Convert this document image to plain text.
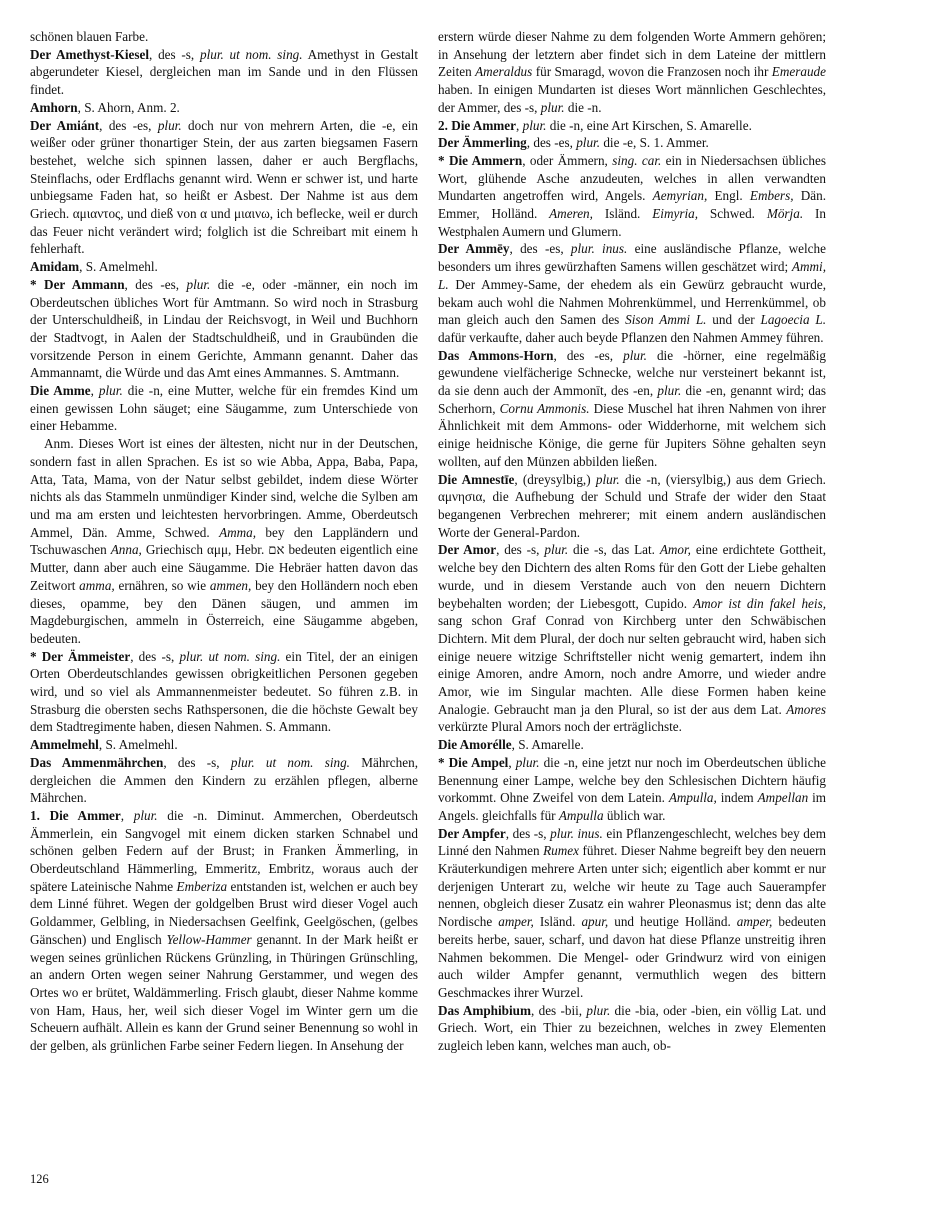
schönen blauen Farbe.

Der Amethyst-Kiesel, des -s, plur. ut nom. sing. Amethyst in Gestalt abgerundeter Kiesel, dergleichen man im Sande und in den Flüssen findet.

Amhorn, S. Ahorn, Anm. 2.

Der Amiánt, des -es, plur. doch nur von mehrern Arten, die -e, ein weißer oder grüner thonartiger Stein, der aus zarten biegsamen Fasern bestehet, welche sich spinnen lassen, daher er auch Bergflachs, Steinflachs, oder Erdflachs genannt wird. Wenn er schwer ist, und harte unbiegsame Faden hat, so heißt er Asbest. Der Nahme ist aus dem Griech. αμιαντος, und dieß von α und μιαινω, ich beflecke, weil er durch das Feuer nicht verändert wird; folglich ist die Schreibart mit einem h fehlerhaft.

Amidam, S. Amelmehl.

* Der Ammann, des -es, plur. die -e, oder -männer, ein noch im Oberdeutschen übliches Wort für Amtmann. So wird noch in Strasburg der Unterschuldheiß, in Lindau der Reichsvogt, in Weil und Buchhorn der Stadtvogt, in Aalen der Stadtschuldheiß, und in Graubünden die vorsitzende Person in einem Gerichte, Ammann genannt. Daher das Ammannamt, die Würde und das Amt eines Ammannes. S. Amtmann.

Die Amme, plur. die -n, eine Mutter, welche für ein fremdes Kind um einen gewissen Lohn säuget; eine Säugamme, zum Unterschiede von einer Hebamme.

Anm. Dieses Wort ist eines der ältesten, nicht nur in der Deutschen, sondern fast in allen Sprachen. Es ist so wie Abba, Appa, Baba, Papa, Atta, Tata, Mama, von der Natur selbst gebildet, indem diese Wörter nichts als das Stammeln unmündiger Kinder sind, welche die Sylben am und ma am ersten und leichtesten hervorbringen. Amme, Oberdeutsch Ammel, Dän. Amme, Schwed. Amma, bey den Lappländern und Tschuwaschen Anna, Griechisch αμμ, Hebr. אם bedeuten eigentlich eine Mutter, dann aber auch eine Säugamme. Die Hebräer hatten davon das Zeitwort amma, ernähren, so wie ammen, bey den Holländern noch eben dieses, opamme, bey den Dänen säugen, und ammen im Magdeburgischen, ammeln in Österreich, eine Säugamme abgeben, bedeuten.

* Der Ämmeister, des -s, plur. ut nom. sing. ein Titel, der an einigen Orten Oberdeutschlandes gewissen obrigkeitlichen Personen gegeben wird, und so viel als Ammannenmeister bedeutet. So führen z.B. in Strasburg die obersten sechs Rathspersonen, die die höchste Gewalt bey dem Stadtregimente haben, diesen Nahmen. S. Ammann.

Ammelmehl, S. Amelmehl.

Das Ammenmährchen, des -s, plur. ut nom. sing. Mährchen, dergleichen die Ammen den Kindern zu erzählen pflegen, alberne Mährchen.

1. Die Ammer, plur. die -n. Diminut. Ammerchen, Oberdeutsch Ämmerlein, ein Sangvogel mit einem dicken starken Schnabel und schönen gelben Federn auf der Brust; in Franken Ämmerling, in Oberdeutschland Hämmerling, Emmeritz, Embritz, woraus auch der spätere Lateinische Nahme Emberiza entstanden ist, welchen er auch bey dem Linné führet. Wegen der goldgelben Brust wird dieser Vogel auch Goldammer, Gelbling, in Niedersachsen Geelfink, Geelgöschen, (gelbes Gänschen) und Englisch Yellow-Hammer genannt. In der Mark heißt er wegen seines grünlichen Rückens Grünzling, in Thüringen Grünschling, an andern Orten wegen seiner Nahrung Gerstammer, und wegen des Ortes wo er brütet, Waldämmerling. Frisch glaubt, dieser Nahme komme von Ham, Haus, her, weil sich dieser Vogel im Winter gern um die Scheuern aufhält. Allein es kann der Grund seiner Benennung so wohl in der gelben, als grünlichen Farbe seiner Federn liegen. In Ansehung der

erstern würde dieser Nahme zu dem folgenden Worte Ammern gehören; in Ansehung der letztern aber findet sich in dem Lateine der mittlern Zeiten Ameraldus für Smaragd, wovon die Franzosen noch ihr Emeraude haben. In einigen Mundarten ist dieses Wort männlichen Geschlechtes, der Ammer, des -s, plur. die -n.

2. Die Ammer, plur. die -n, eine Art Kirschen, S. Amarelle.

Der Ämmerling, des -es, plur. die -e, S. 1. Ammer.

* Die Ammern, oder Ämmern, sing. car. ein in Niedersachsen übliches Wort, glühende Asche anzudeuten, welches in allen verwandten Mundarten angetroffen wird, Angels. Aemyrian, Engl. Embers, Dän. Emmer, Holländ. Ameren, Isländ. Eimyria, Schwed. Mörja. In Westphalen Aumern und Glumern.

Der Ammēy, des -es, plur. inus. eine ausländische Pflanze, welche besonders um ihres gewürzhaften Samens willen geschätzet wird; Ammi, L. Der Ammey-Same, der ehedem als ein Gewürz gebraucht wurde, bekam auch wohl die Nahmen Mohrenkümmel, und Herrenkümmel, ob man gleich auch den Samen des Sison Ammi L. und der Lagoecia L. dafür verkaufte, daher auch beyde Pflanzen den Nahmen Ammey führen.

Das Ammons-Horn, des -es, plur. die -hörner, eine regelmäßig gewundene vielfächerige Schnecke, welche nur versteinert bekannt ist, da sie denn auch der Ammonīt, des -en, plur. die -en, genannt wird; das Scherhorn, Cornu Ammonis. Diese Muschel hat ihren Nahmen von ihrer Ähnlichkeit mit dem Ammons- oder Widderhorne, mit welchem sich einige heidnische Könige, die gerne für Jupiters Söhne gehalten seyn wollten, auf den Münzen abbilden ließen.

Die Amnestīe, (dreysylbig,) plur. die -n, (viersylbig,) aus dem Griech. αμνησια, die Aufhebung der Schuld und Strafe der wider den Staat begangenen Verbrechen mehrerer; mit einem andern ausländischen Worte der General-Pardon.

Der Amor, des -s, plur. die -s, das Lat. Amor, eine erdichtete Gottheit, welche bey den Dichtern des alten Roms für den Gott der Liebe gehalten wurde, und in diesem Verstande auch von den neuern Dichtern beybehalten worden; der Liebesgott, Cupido. Amor ist din fakel heis, sang schon Graf Conrad von Kirchberg unter den Schwäbischen Dichtern. Mit dem Plural, der doch nur selten gebraucht wird, haben sich einige neuere witzige Schriftsteller nicht wenig gemartert, indem ihn einige Amoren, andre Amorn, noch andre Amorre, und wieder andre Amor, wie im Singular machten. Alle diese Formen haben keine Analogie. Gebraucht man ja den Plural, so ist der aus dem Lat. Amores verkürzte Plural Amors noch der erträglichste.

Die Amorélle, S. Amarelle.

* Die Ampel, plur. die -n, eine jetzt nur noch im Oberdeutschen übliche Benennung einer Lampe, welche bey den Schlesischen Dichtern häufig vorkommt. Ohne Zweifel von dem Latein. Ampulla, indem Ampellan im Angels. gleichfalls für Ampulla üblich war.

Der Ampfer, des -s, plur. inus. ein Pflanzengeschlecht, welches bey dem Linné den Nahmen Rumex führet. Dieser Nahme begreift bey den neuern Kräuterkundigen mehrere Arten unter sich; eigentlich aber kommt er nur derjenigen Unterart zu, welche wir heute zu Tage auch Sauerampfer nennen, obgleich dieser Zusatz ein wahrer Pleonasmus ist; denn das alte Nordische amper, Isländ. apur, und heutige Holländ. amper, bedeuten bereits herbe, sauer, scharf, und davon hat diese Pflanze unstreitig ihren Nahmen bekommen. Die Mengel- oder Grindwurz wird von einigen auch wilder Ampfer genannt, vermuthlich wegen des bittern Geschmackes ihrer Wurzel.

Das Amphibium, des -bii, plur. die -bia, oder -bien, ein völlig Lat. und Griech. Wort, ein Thier zu bezeichnen, welches in zwey Elementen zugleich leben kann, welches man auch, ob-

126
